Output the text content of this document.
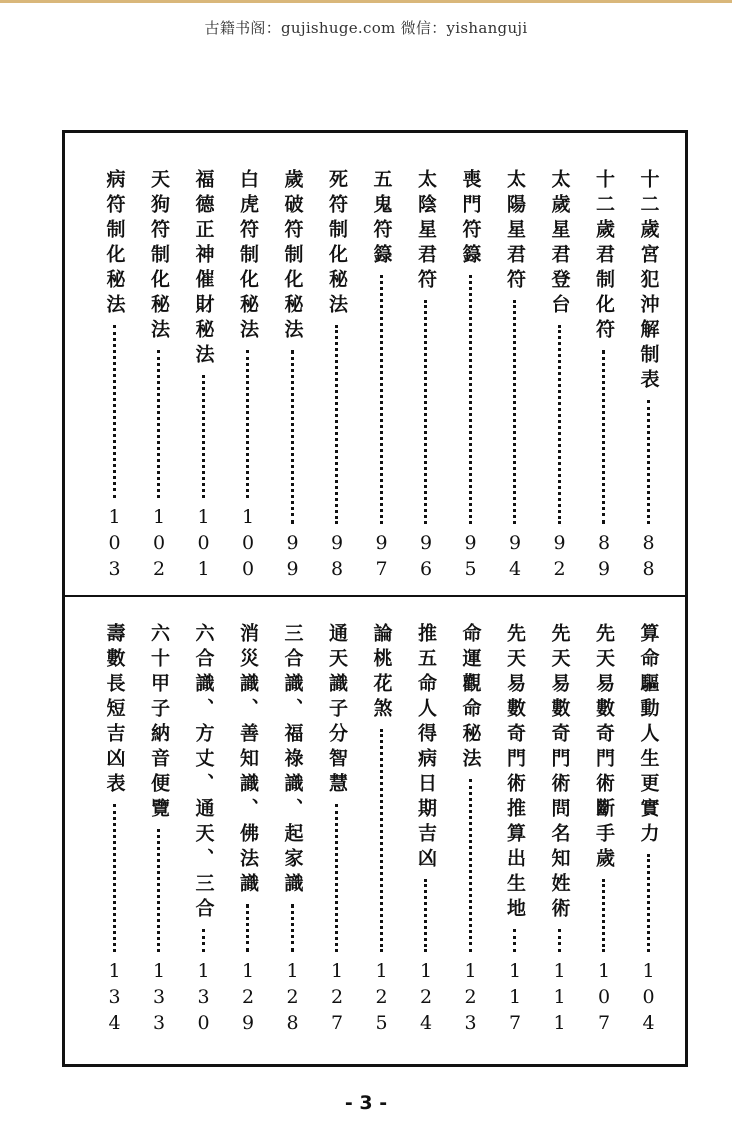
古籍书阁：gujishuge.com 微信：yishanguji
十二歲宮犯沖解制表
88
十二歲君制化符
89
太歲星君登台
92
太陽星君符
94
喪門符籙
95
太陰星君符
96
五鬼符籙
97
死符制化秘法
98
歲破符制化秘法
99
白虎符制化秘法
100
福德正神催財秘法
101
天狗符制化秘法
102
病符制化秘法
103
算命驅動人生更實力
104
先天易數奇門術斷手歲
107
先天易數奇門術問名知姓術
111
先天易數奇門術推算出生地
117
命運觀命秘法
123
推五命人得病日期吉凶
124
論桃花煞
125
通天識子分智慧
127
三合識、福祿識、起家識
128
消災識、善知識、佛法識
129
六合識、方丈、通天、三合
130
六十甲子納音便覽
133
壽數長短吉凶表
134
- 3 -
